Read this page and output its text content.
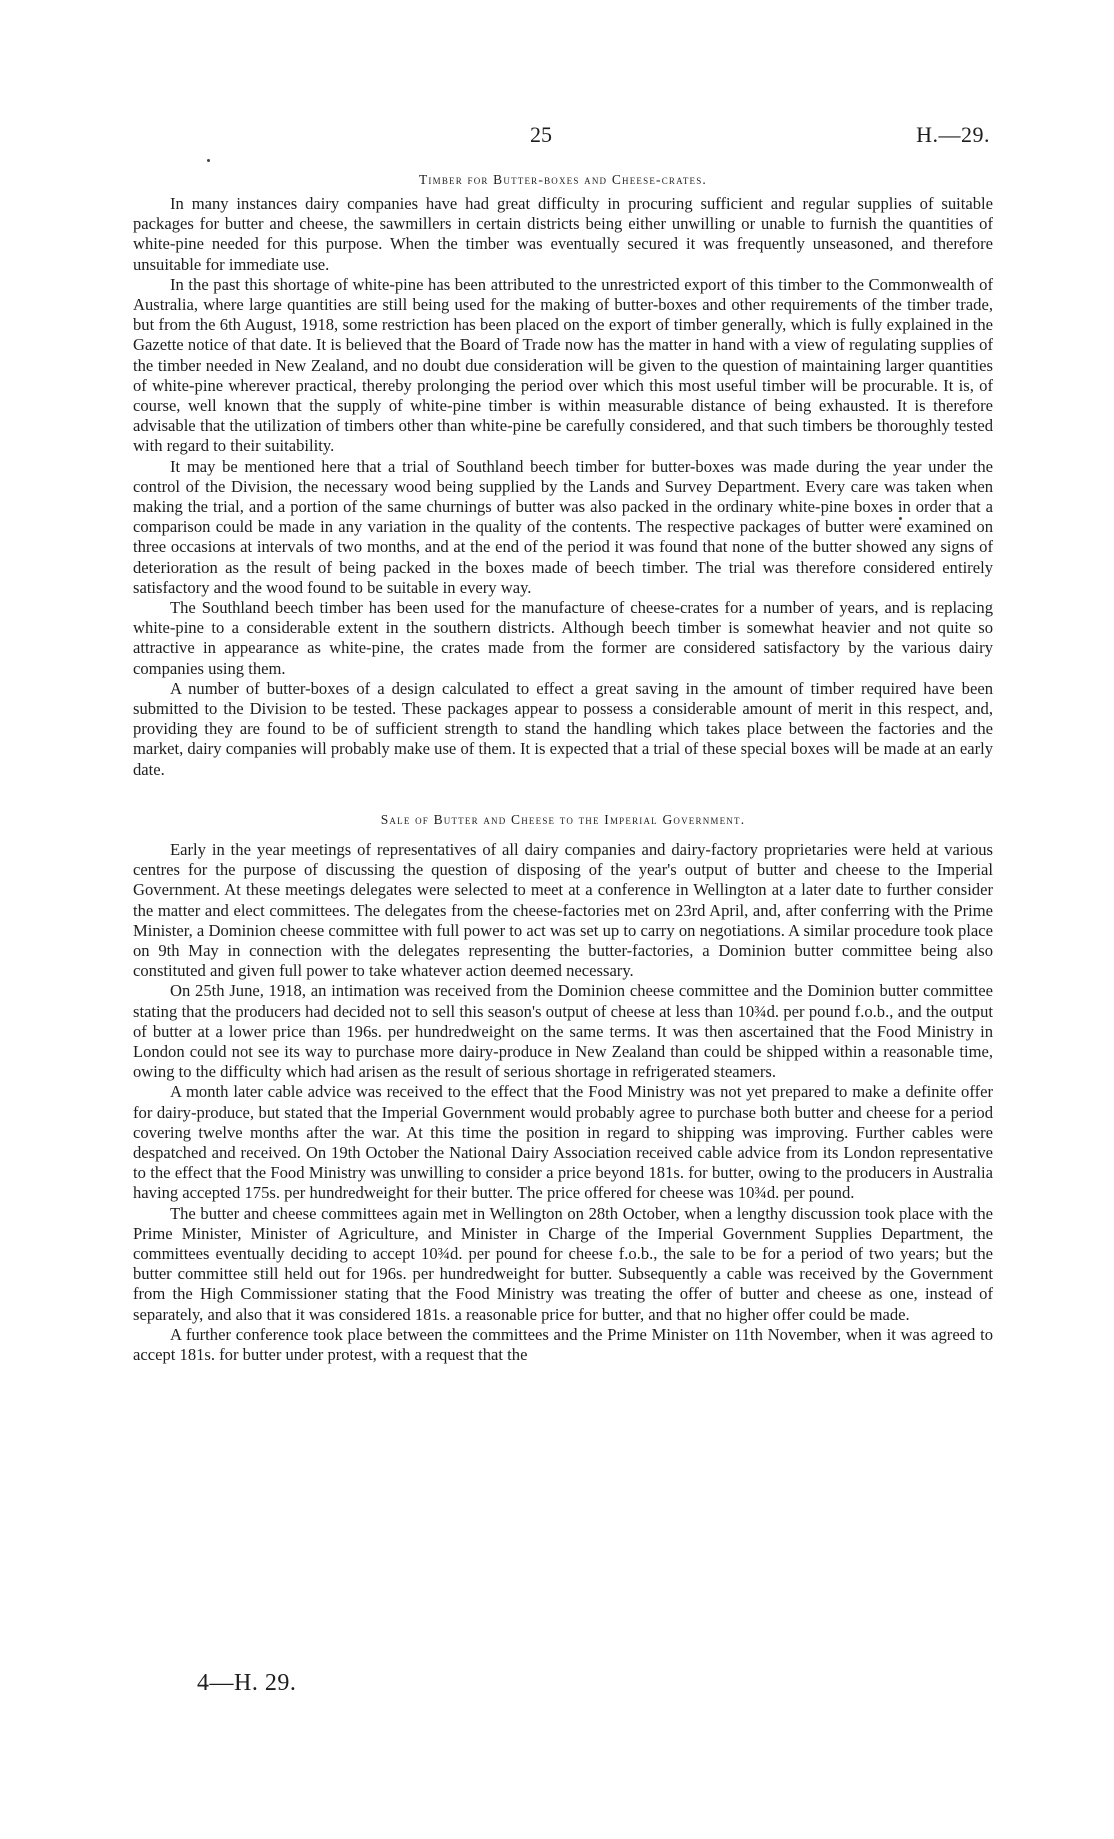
25	H.—29.
Timber for Butter-boxes and Cheese-crates.

In many instances dairy companies have had great difficulty in procuring sufficient and regular supplies of suitable packages for butter and cheese, the sawmillers in certain districts being either unwilling or unable to furnish the quantities of white-pine needed for this purpose. When the timber was eventually secured it was frequently unseasoned, and therefore unsuitable for immediate use.

In the past this shortage of white-pine has been attributed to the unrestricted export of this timber to the Commonwealth of Australia, where large quantities are still being used for the making of butter-boxes and other requirements of the timber trade, but from the 6th August, 1918, some restriction has been placed on the export of timber generally, which is fully explained in the Gazette notice of that date. It is believed that the Board of Trade now has the matter in hand with a view of regulating supplies of the timber needed in New Zealand, and no doubt due consideration will be given to the question of maintaining larger quantities of white-pine wherever practical, thereby prolonging the period over which this most useful timber will be procurable. It is, of course, well known that the supply of white-pine timber is within measurable distance of being exhausted. It is therefore advisable that the utilization of timbers other than white-pine be carefully considered, and that such timbers be thoroughly tested with regard to their suitability.

It may be mentioned here that a trial of Southland beech timber for butter-boxes was made during the year under the control of the Division, the necessary wood being supplied by the Lands and Survey Department. Every care was taken when making the trial, and a portion of the same churnings of butter was also packed in the ordinary white-pine boxes in order that a comparison could be made in any variation in the quality of the contents. The respective packages of butter were examined on three occasions at intervals of two months, and at the end of the period it was found that none of the butter showed any signs of deterioration as the result of being packed in the boxes made of beech timber. The trial was therefore considered entirely satisfactory and the wood found to be suitable in every way.

The Southland beech timber has been used for the manufacture of cheese-crates for a number of years, and is replacing white-pine to a considerable extent in the southern districts. Although beech timber is somewhat heavier and not quite so attractive in appearance as white-pine, the crates made from the former are considered satisfactory by the various dairy companies using them.

A number of butter-boxes of a design calculated to effect a great saving in the amount of timber required have been submitted to the Division to be tested. These packages appear to possess a considerable amount of merit in this respect, and, providing they are found to be of sufficient strength to stand the handling which takes place between the factories and the market, dairy companies will probably make use of them. It is expected that a trial of these special boxes will be made at an early date.

Sale of Butter and Cheese to the Imperial Government.

Early in the year meetings of representatives of all dairy companies and dairy-factory proprietaries were held at various centres for the purpose of discussing the question of disposing of the year's output of butter and cheese to the Imperial Government. At these meetings delegates were selected to meet at a conference in Wellington at a later date to further consider the matter and elect committees. The delegates from the cheese-factories met on 23rd April, and, after conferring with the Prime Minister, a Dominion cheese committee with full power to act was set up to carry on negotiations. A similar procedure took place on 9th May in connection with the delegates representing the butter-factories, a Dominion butter committee being also constituted and given full power to take whatever action deemed necessary.

On 25th June, 1918, an intimation was received from the Dominion cheese committee and the Dominion butter committee stating that the producers had decided not to sell this season's output of cheese at less than 10¾d. per pound f.o.b., and the output of butter at a lower price than 196s. per hundredweight on the same terms. It was then ascertained that the Food Ministry in London could not see its way to purchase more dairy-produce in New Zealand than could be shipped within a reasonable time, owing to the difficulty which had arisen as the result of serious shortage in refrigerated steamers.

A month later cable advice was received to the effect that the Food Ministry was not yet prepared to make a definite offer for dairy-produce, but stated that the Imperial Government would probably agree to purchase both butter and cheese for a period covering twelve months after the war. At this time the position in regard to shipping was improving. Further cables were despatched and received. On 19th October the National Dairy Association received cable advice from its London representative to the effect that the Food Ministry was unwilling to consider a price beyond 181s. for butter, owing to the producers in Australia having accepted 175s. per hundredweight for their butter. The price offered for cheese was 10¾d. per pound.

The butter and cheese committees again met in Wellington on 28th October, when a lengthy discussion took place with the Prime Minister, Minister of Agriculture, and Minister in Charge of the Imperial Government Supplies Department, the committees eventually deciding to accept 10¾d. per pound for cheese f.o.b., the sale to be for a period of two years; but the butter committee still held out for 196s. per hundredweight for butter. Subsequently a cable was received by the Government from the High Commissioner stating that the Food Ministry was treating the offer of butter and cheese as one, instead of separately, and also that it was considered 181s. a reasonable price for butter, and that no higher offer could be made.

A further conference took place between the committees and the Prime Minister on 11th November, when it was agreed to accept 181s. for butter under protest, with a request that the

4—H. 29.
